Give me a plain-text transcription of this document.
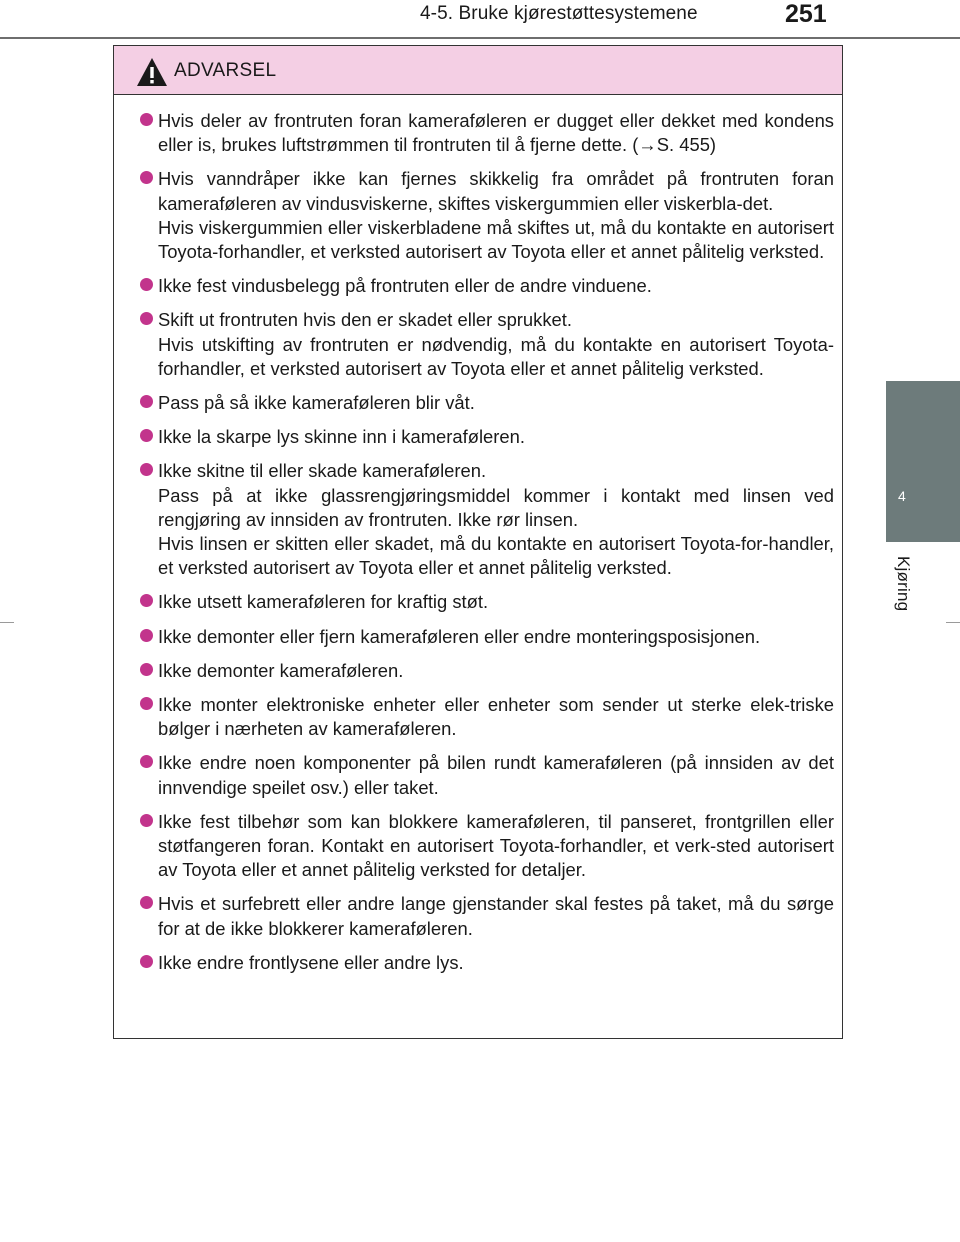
4-5. Bruke kjørestøttesystemene	251
4
Kjøring
ADVARSEL

Hvis deler av frontruten foran kameraføleren er dugget eller dekket med kondens eller is, brukes luftstrømmen til frontruten til å fjerne dette. (→S. 455)

Hvis vanndråper ikke kan fjernes skikkelig fra området på frontruten foran kameraføleren av vindusviskerne, skiftes viskergummien eller viskerbla-det.

Hvis viskergummien eller viskerbladene må skiftes ut, må du kontakte en autorisert Toyota-forhandler, et verksted autorisert av Toyota eller et annet pålitelig verksted.

Ikke fest vindusbelegg på frontruten eller de andre vinduene.

Skift ut frontruten hvis den er skadet eller sprukket.

Hvis utskifting av frontruten er nødvendig, må du kontakte en autorisert Toyota-forhandler, et verksted autorisert av Toyota eller et annet pålitelig verksted.

Pass på så ikke kameraføleren blir våt.

Ikke la skarpe lys skinne inn i kameraføleren.

Ikke skitne til eller skade kameraføleren.

Pass på at ikke glassrengjøringsmiddel kommer i kontakt med linsen ved rengjøring av innsiden av frontruten. Ikke rør linsen.

Hvis linsen er skitten eller skadet, må du kontakte en autorisert Toyota-for-handler, et verksted autorisert av Toyota eller et annet pålitelig verksted.

Ikke utsett kameraføleren for kraftig støt.

Ikke demonter eller fjern kameraføleren eller endre monteringsposisjonen.

Ikke demonter kameraføleren.

Ikke monter elektroniske enheter eller enheter som sender ut sterke elek-triske bølger i nærheten av kameraføleren.

Ikke endre noen komponenter på bilen rundt kameraføleren (på innsiden av det innvendige speilet osv.) eller taket.

Ikke fest tilbehør som kan blokkere kameraføleren, til panseret, frontgrillen eller støtfangeren foran. Kontakt en autorisert Toyota-forhandler, et verk-sted autorisert av Toyota eller et annet pålitelig verksted for detaljer.

Hvis et surfebrett eller andre lange gjenstander skal festes på taket, må du sørge for at de ikke blokkerer kameraføleren.

Ikke endre frontlysene eller andre lys.
